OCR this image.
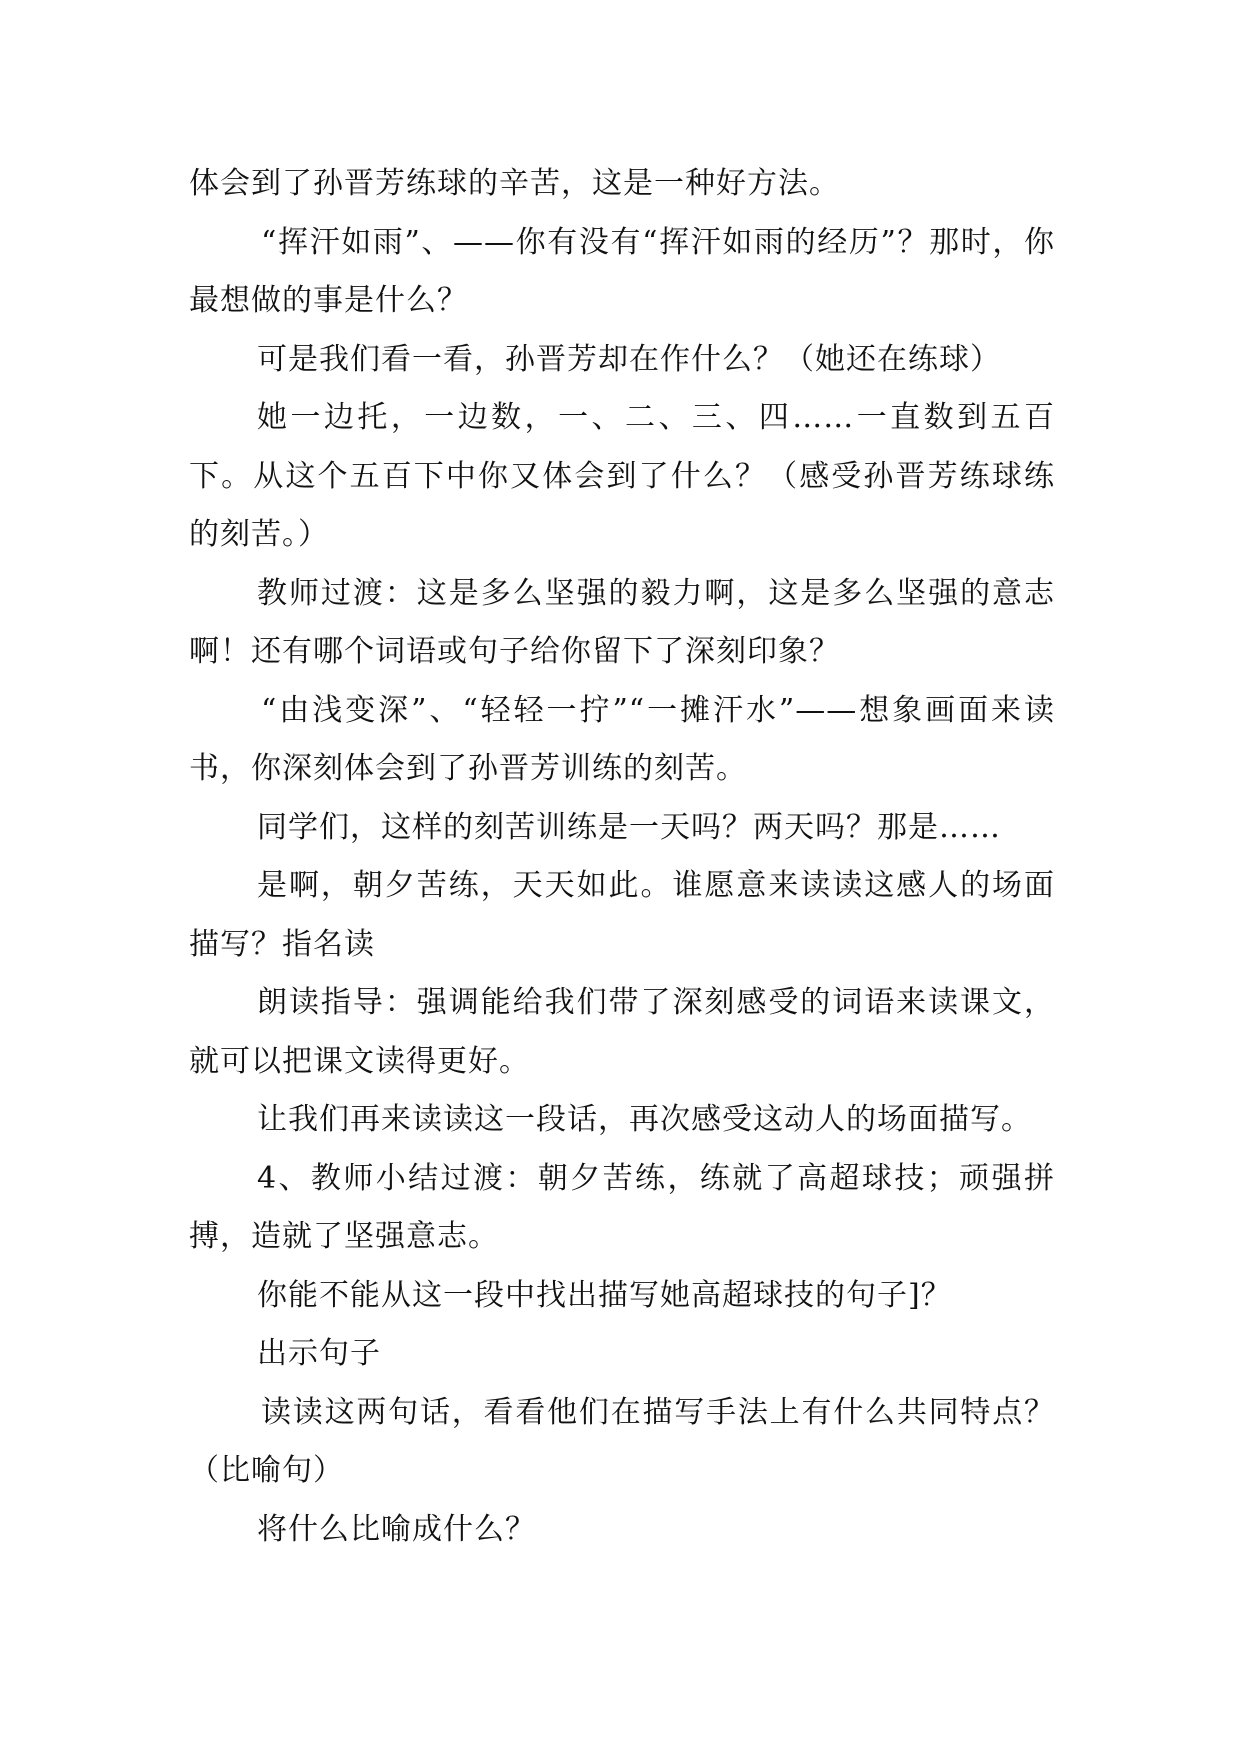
体会到了孙晋芳练球的辛苦，这是一种好方法。

“挥汗如雨”、——你有没有“挥汗如雨的经历”？那时，你最想做的事是什么？

可是我们看一看，孙晋芳却在作什么？（她还在练球）

她一边托，一边数，一、二、三、四……一直数到五百下。从这个五百下中你又体会到了什么？（感受孙晋芳练球练的刻苦。）

教师过渡：这是多么坚强的毅力啊，这是多么坚强的意志啊！还有哪个词语或句子给你留下了深刻印象？

“由浅变深”、“轻轻一拧”“一摊汗水”——想象画面来读书，你深刻体会到了孙晋芳训练的刻苦。

同学们，这样的刻苦训练是一天吗？两天吗？那是……

是啊，朝夕苦练，天天如此。谁愿意来读读这感人的场面描写？指名读

朗读指导：强调能给我们带了深刻感受的词语来读课文，就可以把课文读得更好。

让我们再来读读这一段话，再次感受这动人的场面描写。

4、教师小结过渡：朝夕苦练，练就了高超球技；顽强拼搏，造就了坚强意志。

你能不能从这一段中找出描写她高超球技的句子]？

出示句子

读读这两句话，看看他们在描写手法上有什么共同特点？（比喻句）

将什么比喻成什么？
